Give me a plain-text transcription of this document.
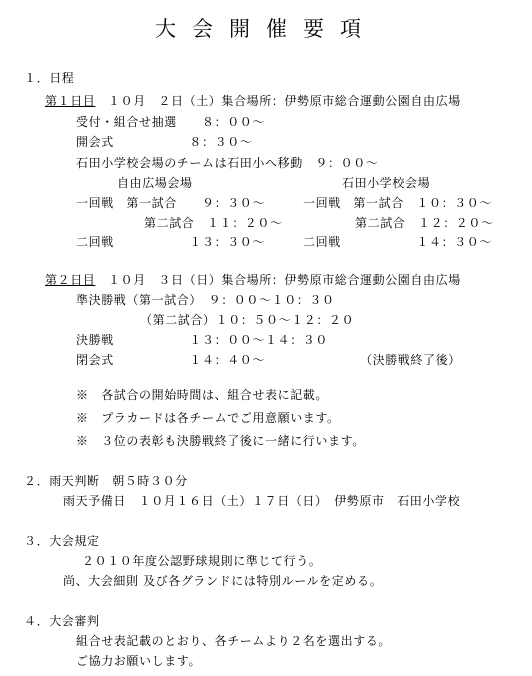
大会開催要項
１．日程
第１日目　１０月　２日（土）集合場所：伊勢原市総合運動公園自由広場
受付・組合せ抽選　　８：００～
開会式　　　　　　８：３０～
石田小学校会場のチームは石田小へ移動　９：００～
自由広場会場	石田小学校会場
一回戦　第一試合　　９：３０～	一回戦　第一試合　１０：３０～
第二試合　１１：２０～	第二試合　１２：２０～
二回戦　　　　　　１３：３０～	二回戦　　　　　　１４：３０～
第２日目　１０月　３日（日）集合場所：伊勢原市総合運動公園自由広場
準決勝戦（第一試合）　９：００～１０：３０
（第二試合）１０：５０～１２：２０
決勝戦　　　　　　１３：００～１４：３０
閉会式　　　　　　１４：４０～	（決勝戦終了後）
※　各試合の開始時間は、組合せ表に記載。
※　プラカードは各チームでご用意願います。
※　３位の表彰も決勝戦終了後に一緒に行います。
２．雨天判断　朝５時３０分
雨天予備日　１０月１６日（土）１７日（日）　伊勢原市　石田小学校
３．大会規定
２０１０年度公認野球規則に準じて行う。
尚、大会細則 及び各グランドには特別ルールを定める。
４．大会審判
組合せ表記載のとおり、各チームより２名を選出する。
ご協力お願いします。
